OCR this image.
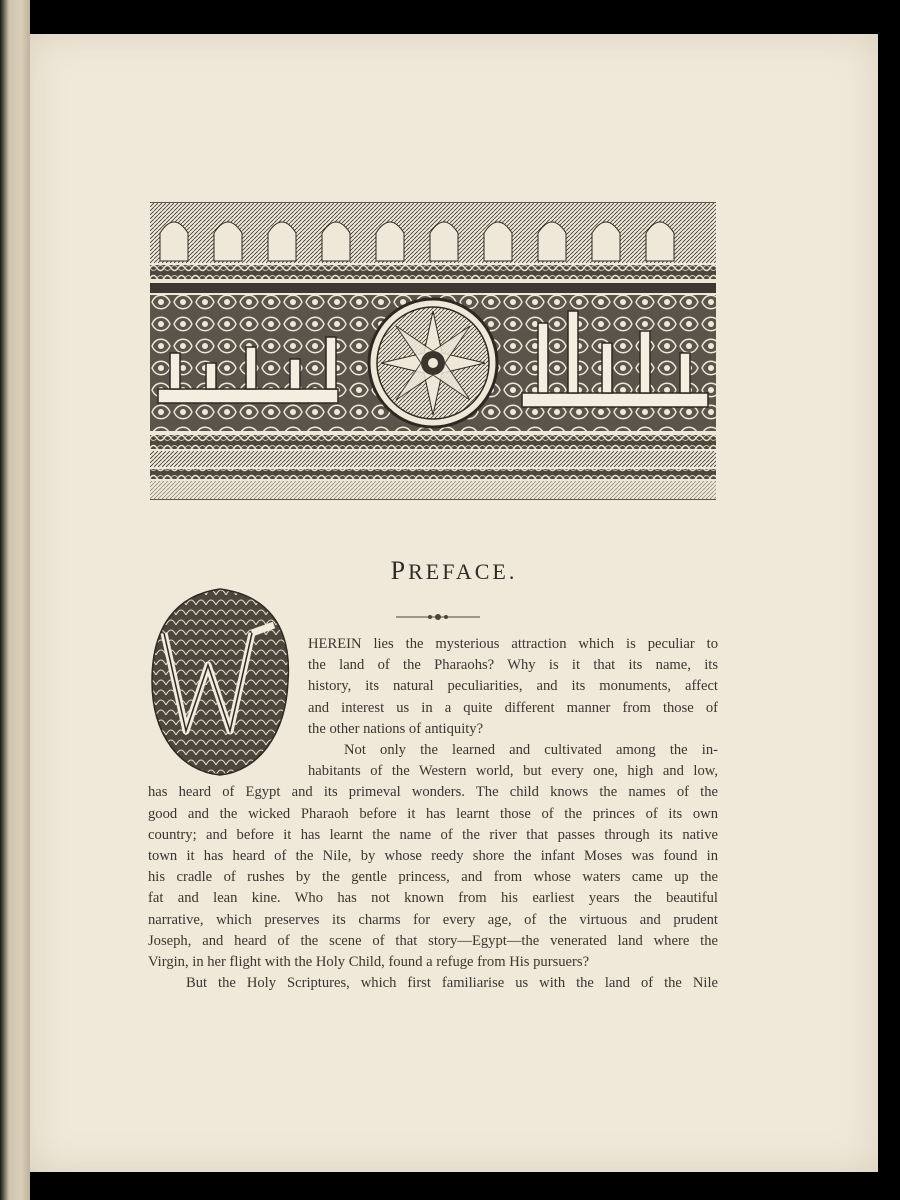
PREFACE.
W
HEREIN lies the mysterious attraction which is peculiar to
the land of the Pharaohs? Why is it that its name, its
history, its natural peculiarities, and its monuments, affect
and interest us in a quite different manner from those of
the other nations of antiquity?
Not only the learned and cultivated among the in-
habitants of the Western world, but every one, high and low,
has heard of Egypt and its primeval wonders. The child knows the names of the
good and the wicked Pharaoh before it has learnt those of the princes of its own
country; and before it has learnt the name of the river that passes through its native
town it has heard of the Nile, by whose reedy shore the infant Moses was found in
his cradle of rushes by the gentle princess, and from whose waters came up the
fat and lean kine. Who has not known from his earliest years the beautiful
narrative, which preserves its charms for every age, of the virtuous and prudent
Joseph, and heard of the scene of that story—Egypt—the venerated land where the
Virgin, in her flight with the Holy Child, found a refuge from His pursuers?
But the Holy Scriptures, which first familiarise us with the land of the Nile
